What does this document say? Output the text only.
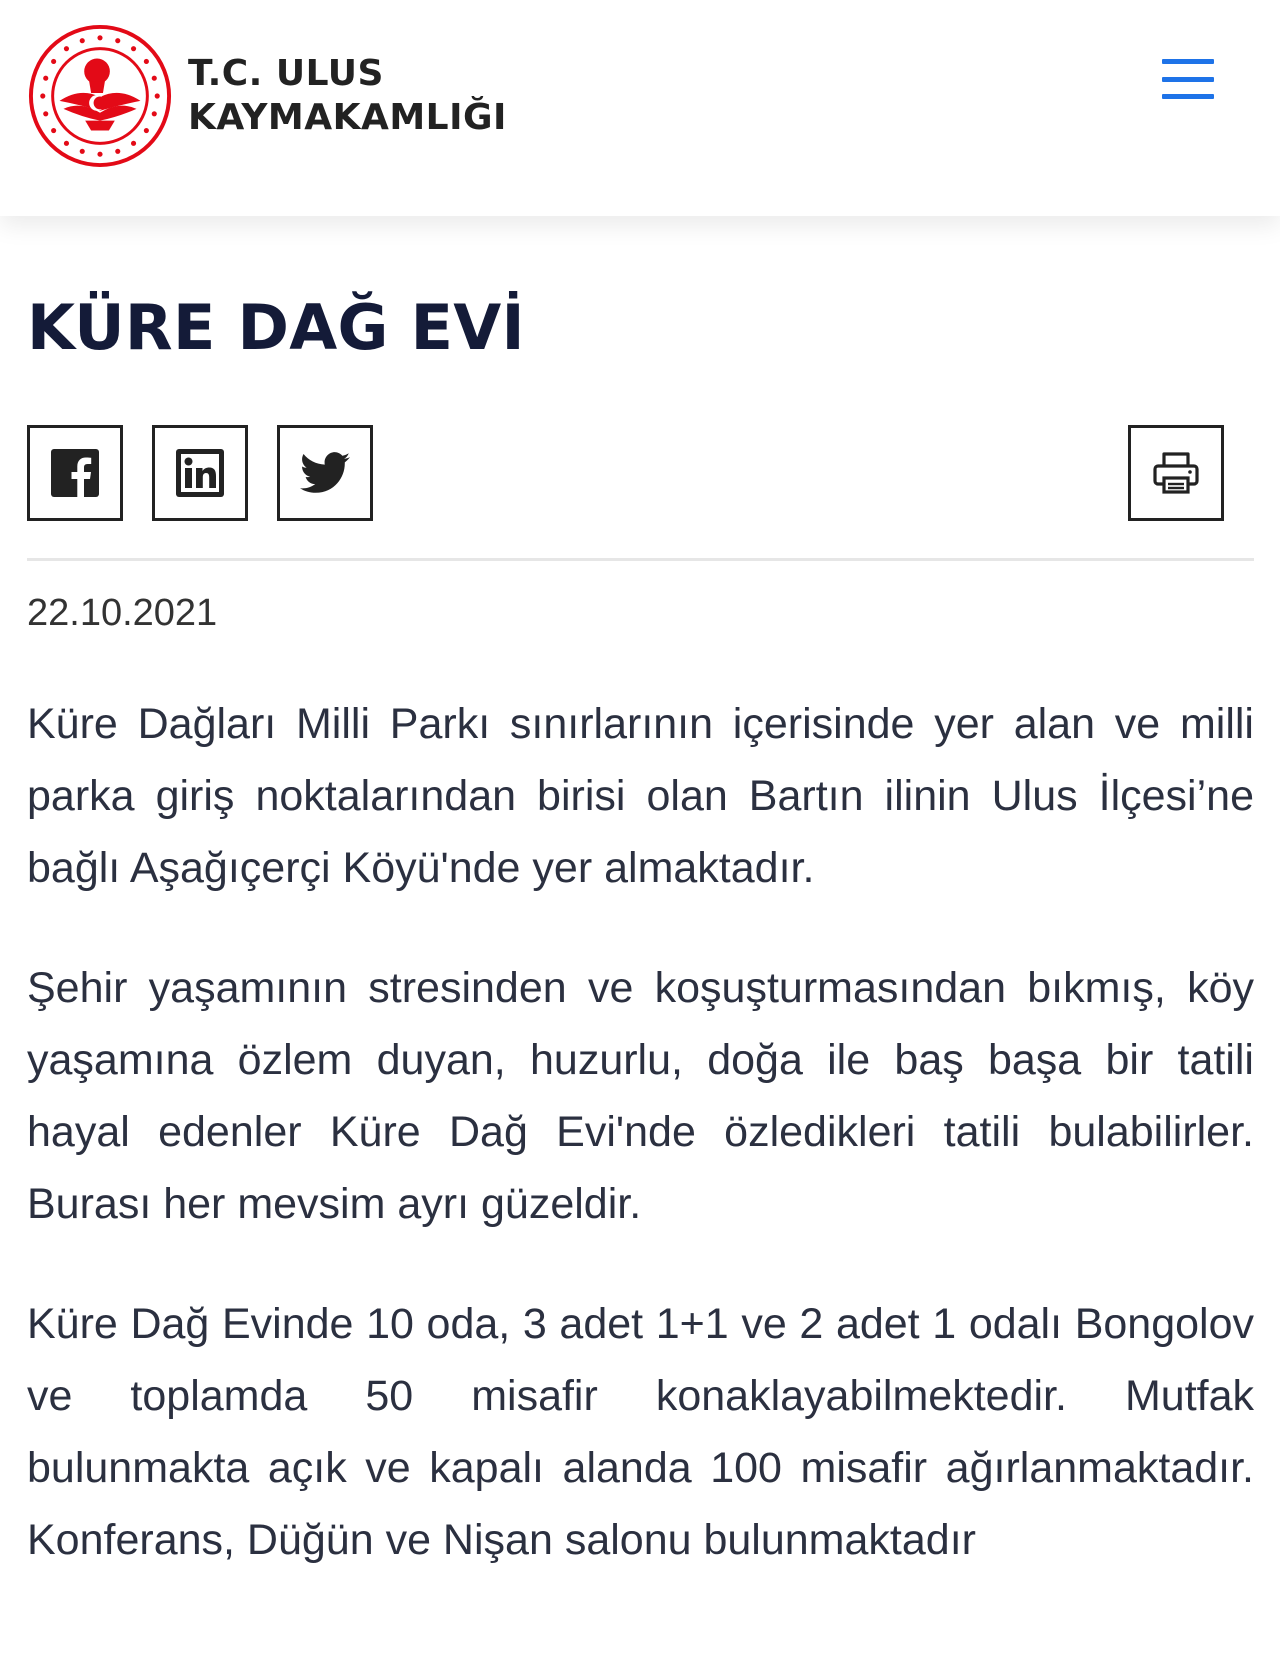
T.C. ULUS
KAYMAKAMLIĞI
KÜRE DAĞ EVİ
22.10.2021

Küre Dağları Milli Parkı sınırlarının içerisinde yer alan ve milli parka giriş noktalarından birisi olan Bartın ilinin Ulus İlçesi’ne bağlı Aşağıçerçi Köyü'nde yer almaktadır.

Şehir yaşamının stresinden ve koşuşturmasından bıkmış, köy yaşamına özlem duyan, huzurlu, doğa ile baş başa bir tatili hayal edenler Küre Dağ Evi'nde özledikleri tatili bulabilirler. Burası her mevsim ayrı güzeldir.

Küre Dağ Evinde 10 oda, 3 adet 1+1 ve 2 adet 1 odalı Bongolov ve toplamda 50 misafir konaklayabilmektedir. Mutfak bulunmakta açık ve kapalı alanda 100 misafir ağırlanmaktadır. Konferans, Düğün ve Nişan salonu bulunmaktadır
